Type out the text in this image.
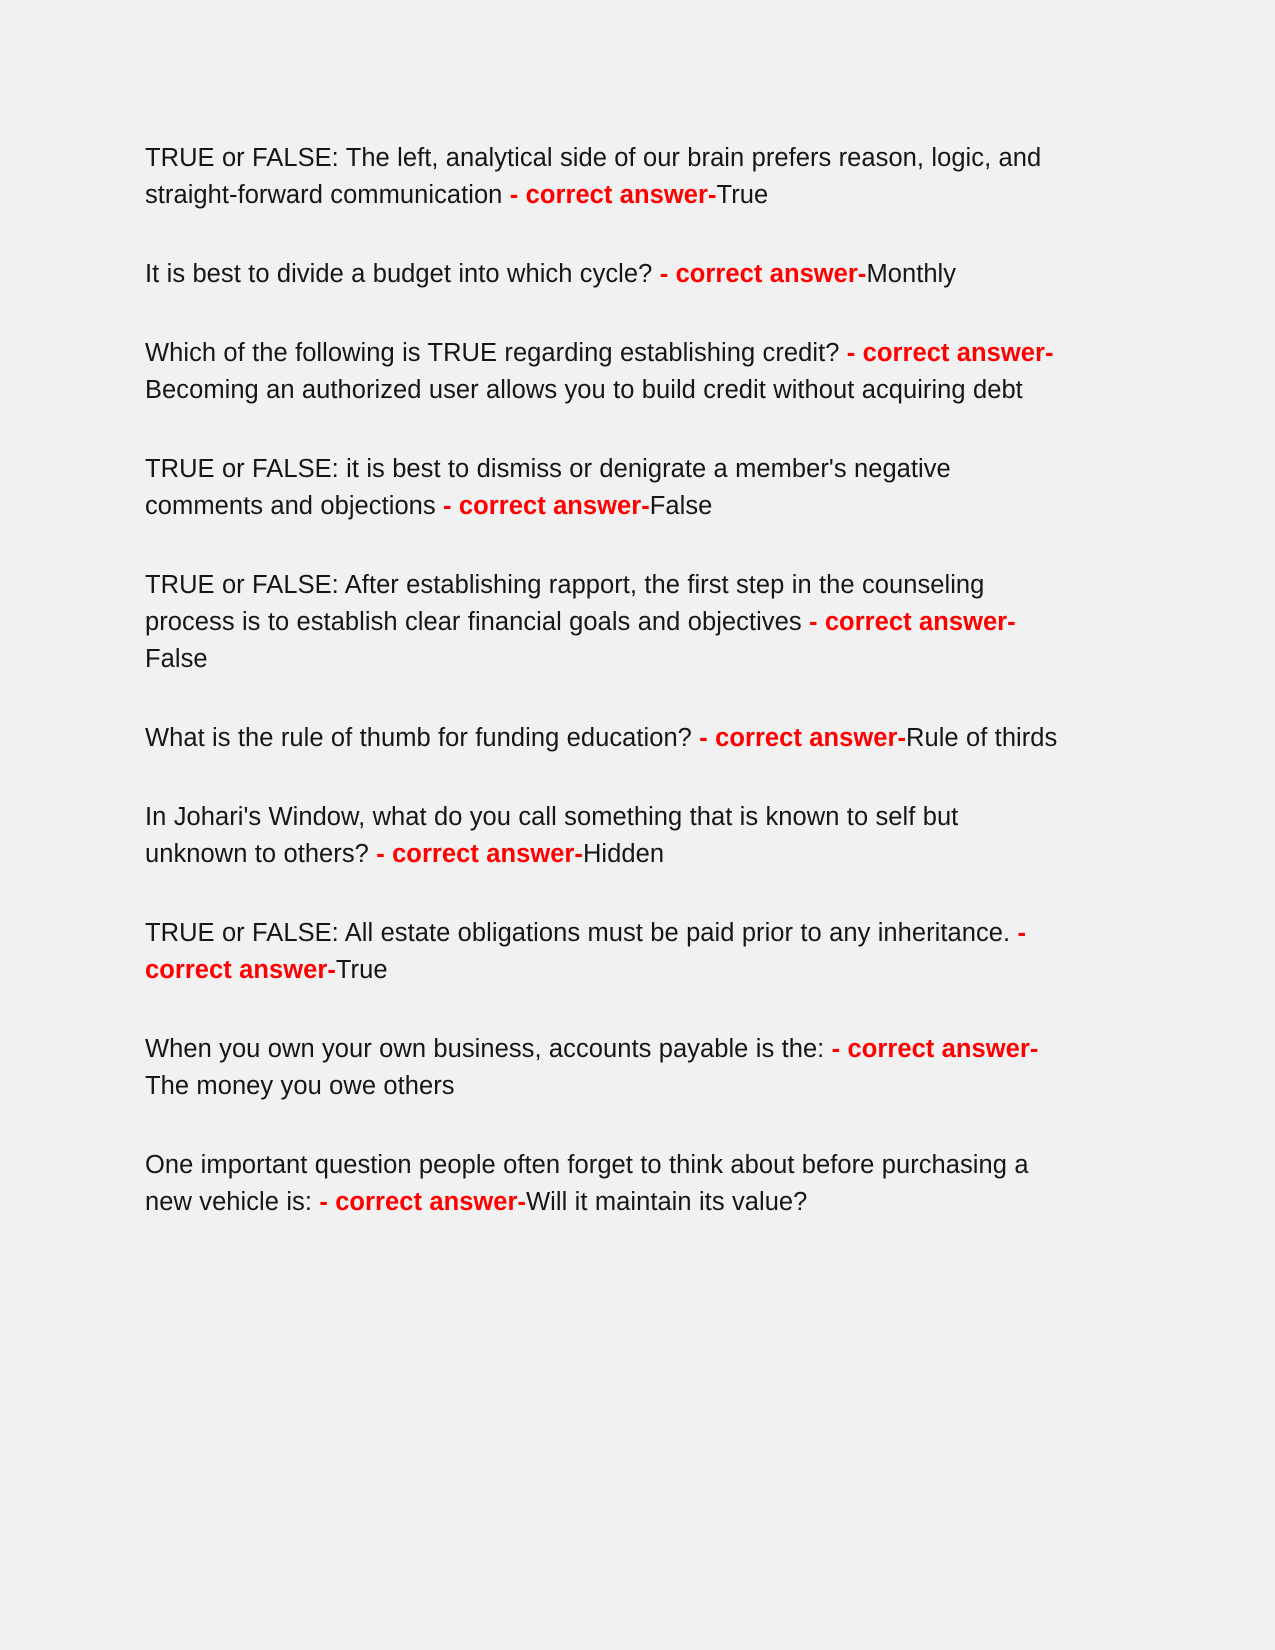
TRUE or FALSE: The left, analytical side of our brain prefers reason, logic, and straight-forward communication - correct answer-True

It is best to divide a budget into which cycle? - correct answer-Monthly

Which of the following is TRUE regarding establishing credit? - correct answer-Becoming an authorized user allows you to build credit without acquiring debt

TRUE or FALSE: it is best to dismiss or denigrate a member's negative comments and objections - correct answer-False

TRUE or FALSE: After establishing rapport, the first step in the counseling process is to establish clear financial goals and objectives - correct answer-False

What is the rule of thumb for funding education? - correct answer-Rule of thirds

In Johari's Window, what do you call something that is known to self but unknown to others? - correct answer-Hidden

TRUE or FALSE: All estate obligations must be paid prior to any inheritance. - correct answer-True

When you own your own business, accounts payable is the: - correct answer-The money you owe others

One important question people often forget to think about before purchasing a new vehicle is: - correct answer-Will it maintain its value?
